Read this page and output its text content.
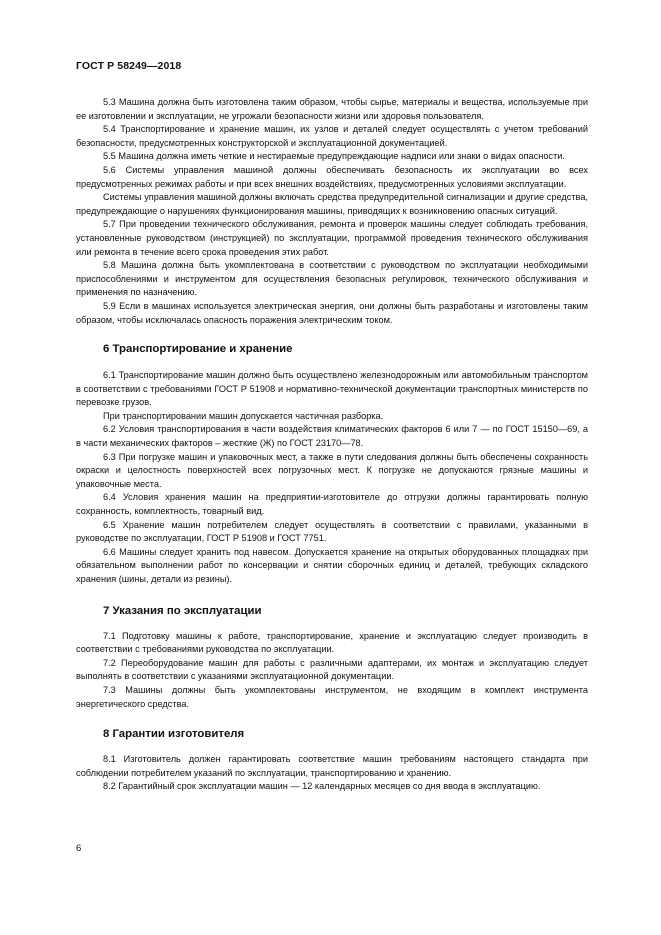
ГОСТ Р 58249—2018

5.3 Машина должна быть изготовлена таким образом, чтобы сырье, материалы и вещества, используемые при ее изготовлении и эксплуатации, не угрожали безопасности жизни или здоровья пользователя.

5.4 Транспортирование и хранение машин, их узлов и деталей следует осуществлять с учетом требований безопасности, предусмотренных конструкторской и эксплуатационной документацией.

5.5 Машина должна иметь четкие и нестираемые предупреждающие надписи или знаки о видах опасности.

5.6 Системы управления машиной должны обеспечивать безопасность их эксплуатации во всех предусмотренных режимах работы и при всех внешних воздействиях, предусмотренных условиями эксплуатации.

Системы управления машиной должны включать средства предупредительной сигнализации и другие средства, предупреждающие о нарушениях функционирования машины, приводящих к возникновению опасных ситуаций.

5.7 При проведении технического обслуживания, ремонта и проверок машины следует соблюдать требования, установленные руководством (инструкцией) по эксплуатации, программой проведения технического обслуживания или ремонта в течение всего срока проведения этих работ.

5.8 Машина должна быть укомплектована в соответствии с руководством по эксплуатации необходимыми приспособлениями и инструментом для осуществления безопасных регулировок, технического обслуживания и применения по назначению.

5.9 Если в машинах используется электрическая энергия, они должны быть разработаны и изготовлены таким образом, чтобы исключалась опасность поражения электрическим током.

6 Транспортирование и хранение

6.1 Транспортирование машин должно быть осуществлено железнодорожным или автомобильным транспортом в соответствии с требованиями ГОСТ Р 51908 и нормативно-технической документации транспортных министерств по перевозке грузов.

При транспортировании машин допускается частичная разборка.

6.2 Условия транспортирования в части воздействия климатических факторов 6 или 7 — по ГОСТ 15150—69, а в части механических факторов – жесткие (Ж) по ГОСТ 23170—78.

6.3 При погрузке машин и упаковочных мест, а также в пути следования должны быть обеспечены сохранность окраски и целостность поверхностей всех погрузочных мест. К погрузке не допускаются грязные машины и упаковочные места.

6.4 Условия хранения машин на предприятии-изготовителе до отгрузки должны гарантировать полную сохранность, комплектность, товарный вид.

6.5 Хранение машин потребителем следует осуществлять в соответствии с правилами, указанными в руководстве по эксплуатации, ГОСТ Р 51908 и ГОСТ 7751.

6.6 Машины следует хранить под навесом. Допускается хранение на открытых оборудованных площадках при обязательном выполнении работ по консервации и снятии сборочных единиц и деталей, требующих складского хранения (шины, детали из резины).

7 Указания по эксплуатации

7.1 Подготовку машины к работе, транспортирование, хранение и эксплуатацию следует производить в соответствии с требованиями руководства по эксплуатации.

7.2 Переоборудование машин для работы с различными адаптерами, их монтаж и эксплуатацию следует выполнять в соответствии с указаниями эксплуатационной документации.

7.3 Машины должны быть укомплектованы инструментом, не входящим в комплект инструмента энергетического средства.

8 Гарантии изготовителя

8.1 Изготовитель должен гарантировать соответствие машин требованиям настоящего стандарта при соблюдении потребителем указаний по эксплуатации, транспортированию и хранению.

8.2 Гарантийный срок эксплуатации машин — 12 календарных месяцев со дня ввода в эксплуатацию.

6
